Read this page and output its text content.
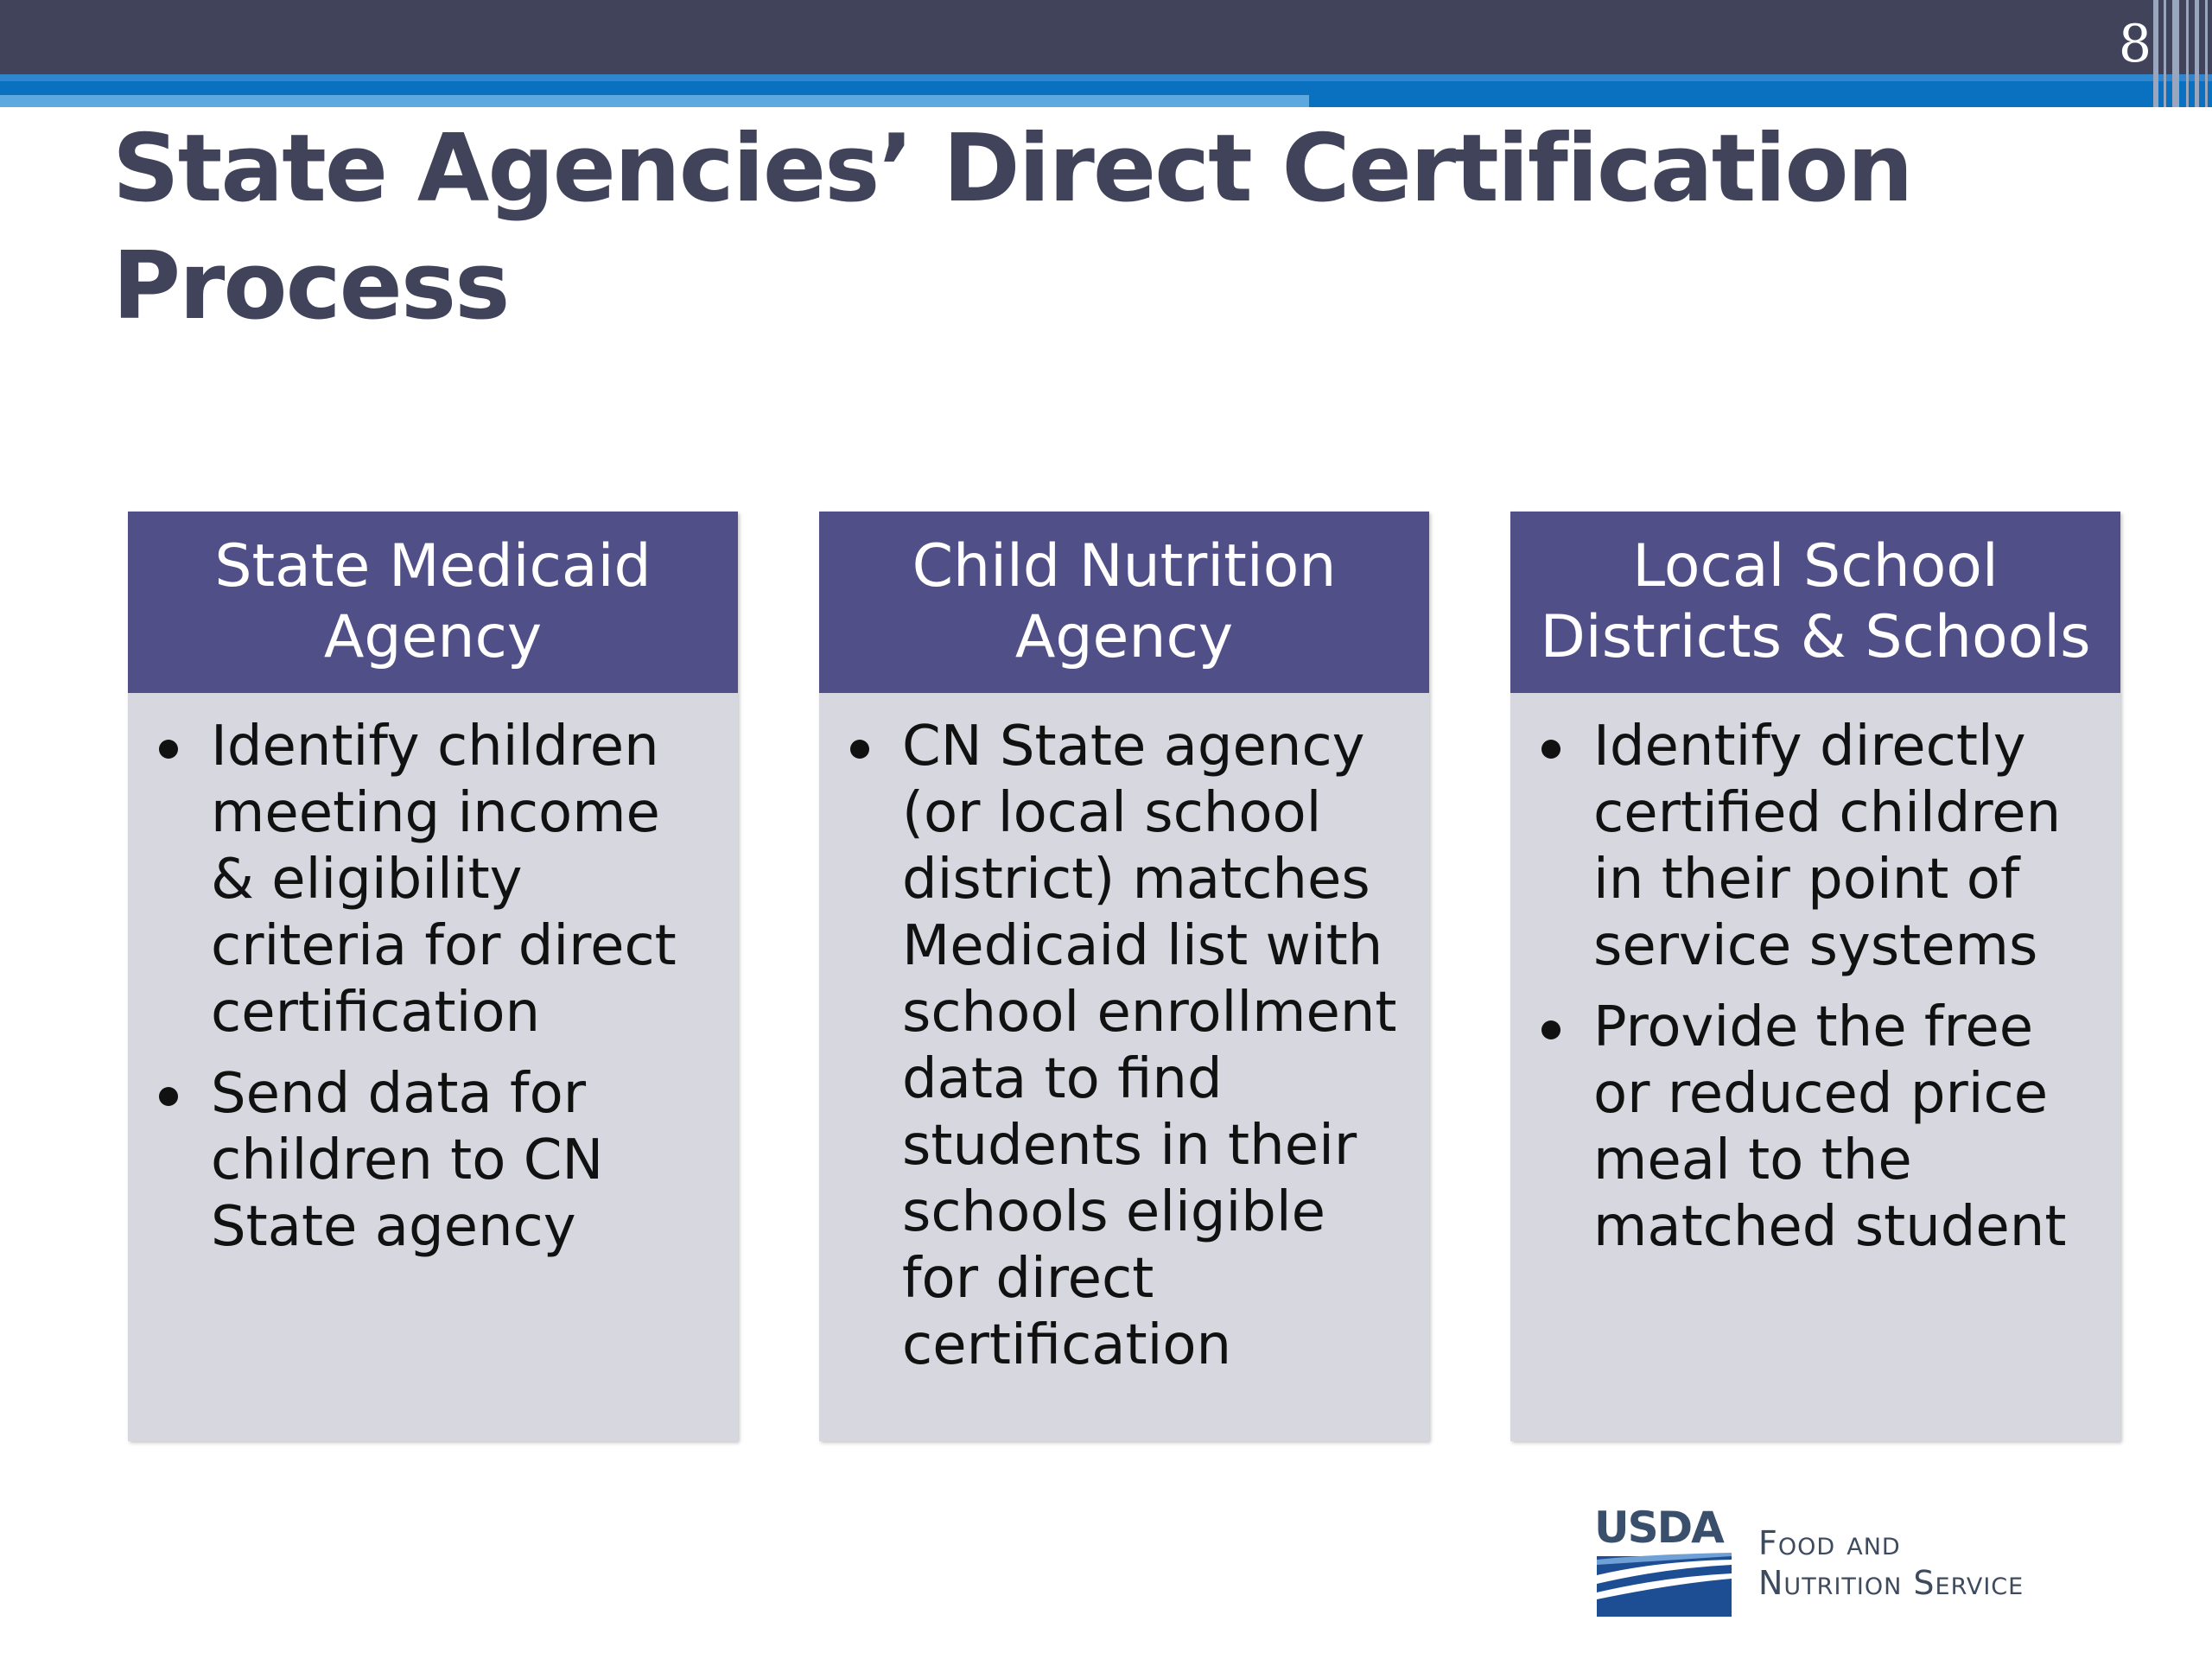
8
State Agencies’ Direct Certification Process
State Medicaid
Agency
Identify children meeting income & eligibility criteria for direct certification
Send data for children to CN State agency
Child Nutrition
Agency
CN State agency (or local school district) matches Medicaid list with school enrollment data to find students in their schools eligible for direct certification
Local School
Districts & Schools
Identify directly certified children in their point of service systems
Provide the free or reduced price meal to the matched student
USDA Food and
Nutrition Service
